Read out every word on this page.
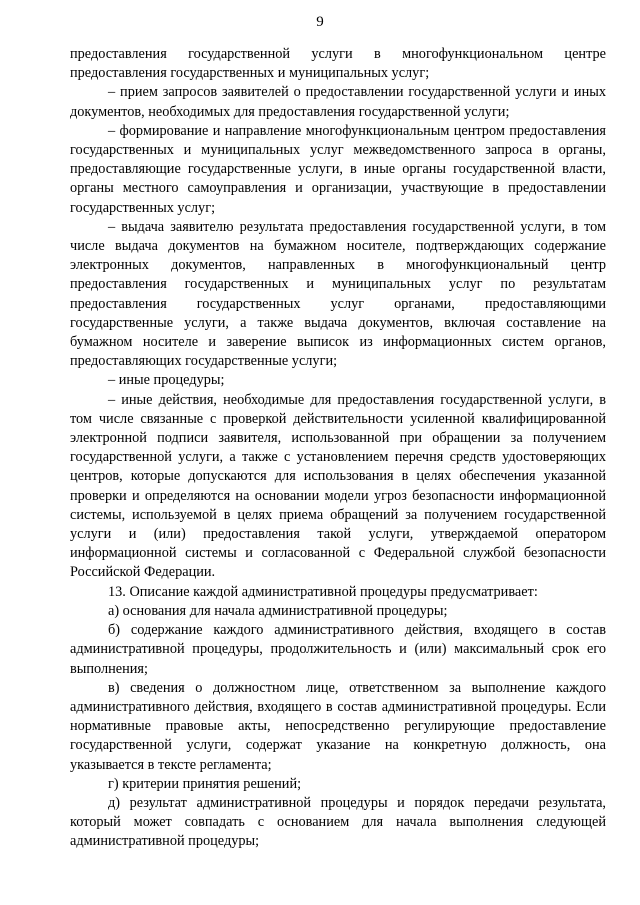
9

предоставления государственной услуги в многофункциональном центре предоставления государственных и муниципальных услуг;

– прием запросов заявителей о предоставлении государственной услуги и иных документов, необходимых для предоставления государственной услуги;

– формирование и направление многофункциональным центром предоставления государственных и муниципальных услуг межведомственного запроса в органы, предоставляющие государственные услуги, в иные органы государственной власти, органы местного самоуправления и организации, участвующие в предоставлении государственных услуг;

– выдача заявителю результата предоставления государственной услуги, в том числе выдача документов на бумажном носителе, подтверждающих содержание электронных документов, направленных в многофункциональный центр предоставления государственных и муниципальных услуг по результатам предоставления государственных услуг органами, предоставляющими государственные услуги, а также выдача документов, включая составление на бумажном носителе и заверение выписок из информационных систем органов, предоставляющих государственные услуги;

– иные процедуры;

– иные действия, необходимые для предоставления государственной услуги, в том числе связанные с проверкой действительности усиленной квалифицированной электронной подписи заявителя, использованной при обращении за получением государственной услуги, а также с установлением перечня средств удостоверяющих центров, которые допускаются для использования в целях обеспечения указанной проверки и определяются на основании модели угроз безопасности информационной системы, используемой в целях приема обращений за получением государственной услуги и (или) предоставления такой услуги, утверждаемой оператором информационной системы и согласованной с Федеральной службой безопасности Российской Федерации.

13. Описание каждой административной процедуры предусматривает:

а) основания для начала административной процедуры;

б) содержание каждого административного действия, входящего в состав административной процедуры, продолжительность и (или) максимальный срок его выполнения;

в) сведения о должностном лице, ответственном за выполнение каждого административного действия, входящего в состав административной процедуры. Если нормативные правовые акты, непосредственно регулирующие предоставление государственной услуги, содержат указание на конкретную должность, она указывается в тексте регламента;

г) критерии принятия решений;

д) результат административной процедуры и порядок передачи результата, который может совпадать с основанием для начала выполнения следующей административной процедуры;
